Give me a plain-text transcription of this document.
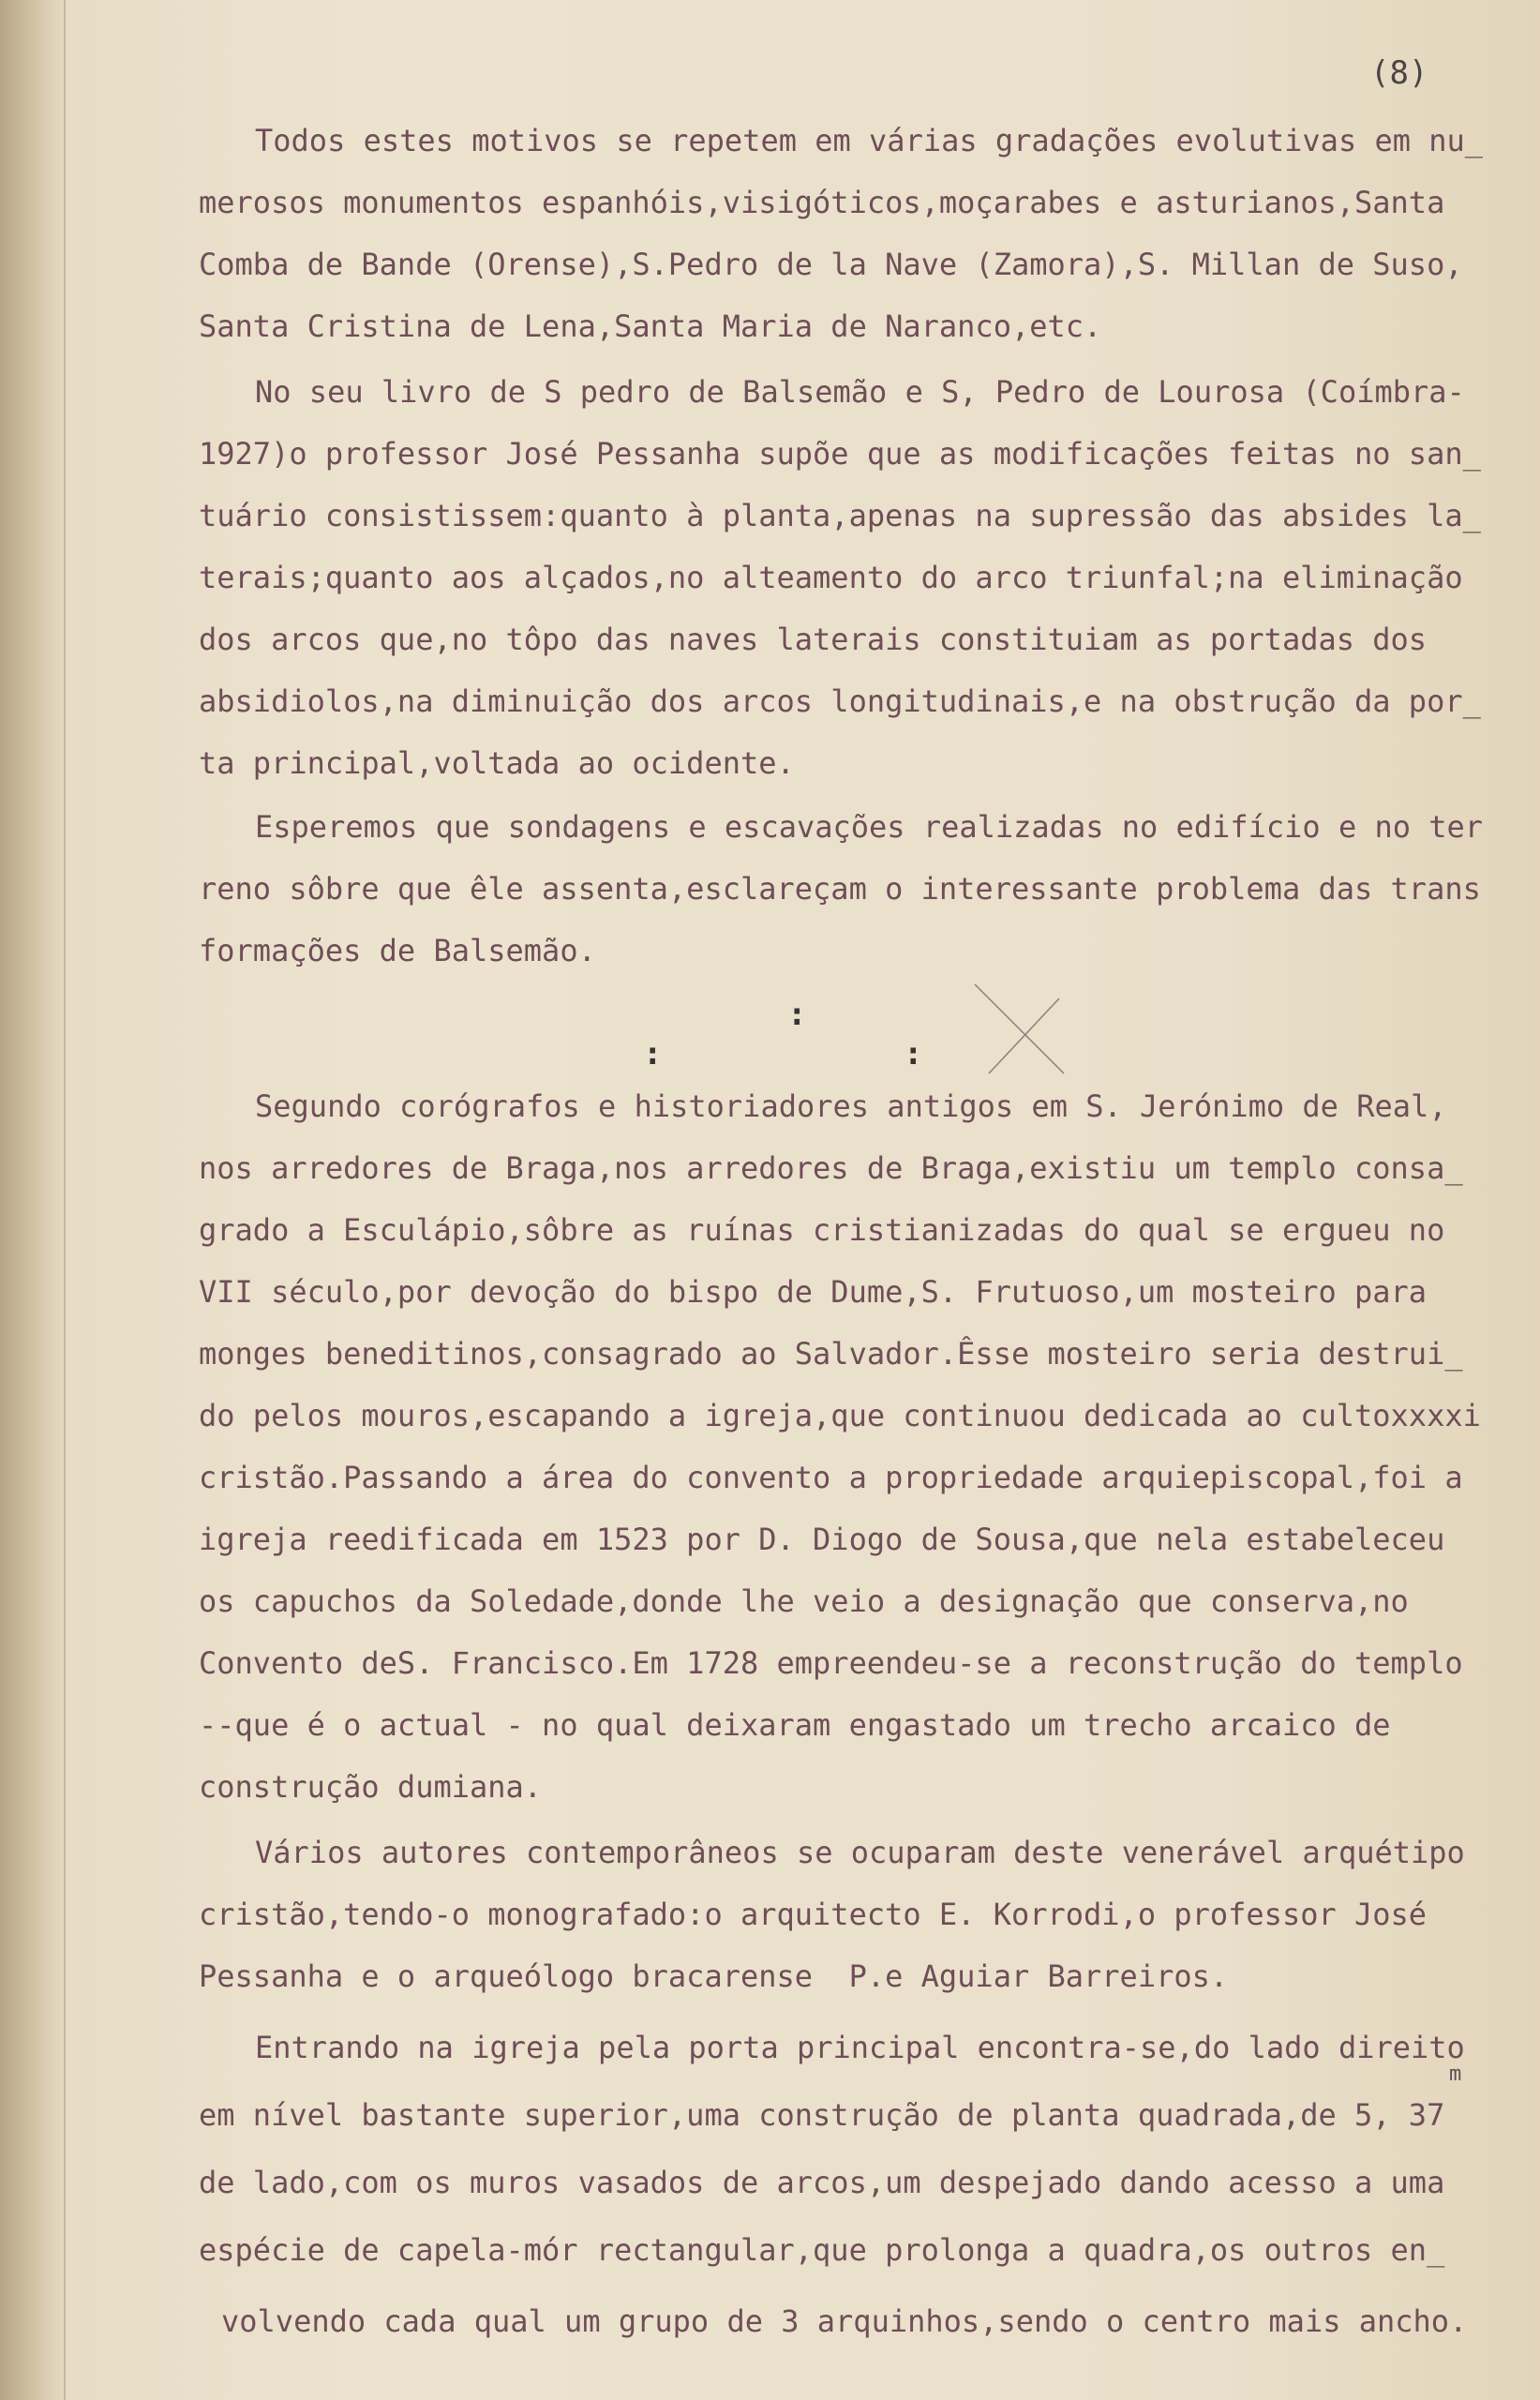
(8)
Todos estes motivos se repetem em várias gradações evolutivas em nu_
merosos monumentos espanhóis,visigóticos,moçarabes e asturianos,Santa
Comba de Bande (Orense),S.Pedro de la Nave (Zamora),S. Millan de Suso,
Santa Cristina de Lena,Santa Maria de Naranco,etc.
No seu livro de S pedro de Balsemão e S, Pedro de Lourosa (Coímbra-
1927)o professor José Pessanha supõe que as modificações feitas no san_
tuário consistissem:quanto à planta,apenas na supressão das absides la_
terais;quanto aos alçados,no alteamento do arco triunfal;na eliminação
dos arcos que,no tôpo das naves laterais constituiam as portadas dos
absidiolos,na diminuição dos arcos longitudinais,e na obstrução da por_
ta principal,voltada ao ocidente.
Esperemos que sondagens e escavações realizadas no edifício e no ter
reno sôbre que êle assenta,esclareçam o interessante problema das trans
formações de Balsemão.
:
:	:
Segundo corógrafos e historiadores antigos em S. Jerónimo de Real,
nos arredores de Braga,nos arredores de Braga,existiu um templo consa_
grado a Esculápio,sôbre as ruínas cristianizadas do qual se ergueu no
VII século,por devoção do bispo de Dume,S. Frutuoso,um mosteiro para
monges beneditinos,consagrado ao Salvador.Êsse mosteiro seria destrui_
do pelos mouros,escapando a igreja,que continuou dedicada ao cultoxxxxi
cristão.Passando a área do convento a propriedade arquiepiscopal,foi a
igreja reedificada em 1523 por D. Diogo de Sousa,que nela estabeleceu
os capuchos da Soledade,donde lhe veio a designação que conserva,no
Convento deS. Francisco.Em 1728 empreendeu-se a reconstrução do templo
--que é o actual - no qual deixaram engastado um trecho arcaico de
construção dumiana.
Vários autores contemporâneos se ocuparam deste venerável arquétipo
cristão,tendo-o monografado:o arquitecto E. Korrodi,o professor José
Pessanha e o arqueólogo bracarense  P.e Aguiar Barreiros.
Entrando na igreja pela porta principal encontra-se,do lado direito
em nível bastante superior,uma construção de planta quadrada,de 5, 37
m
de lado,com os muros vasados de arcos,um despejado dando acesso a uma
espécie de capela-mór rectangular,que prolonga a quadra,os outros en_
volvendo cada qual um grupo de 3 arquinhos,sendo o centro mais ancho.
